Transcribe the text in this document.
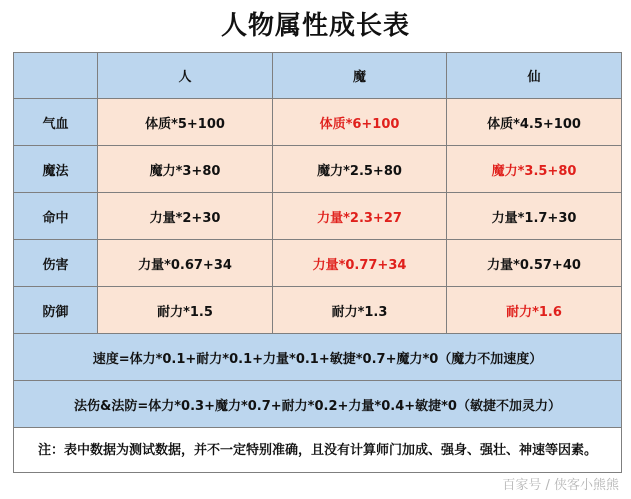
人物属性成长表
	人	魔	仙
气血	体质*5+100	体质*6+100	体质*4.5+100
魔法	魔力*3+80	魔力*2.5+80	魔力*3.5+80
命中	力量*2+30	力量*2.3+27	力量*1.7+30
伤害	力量*0.67+34	力量*0.77+34	力量*0.57+40
防御	耐力*1.5	耐力*1.3	耐力*1.6
速度=体力*0.1+耐力*0.1+力量*0.1+敏捷*0.7+魔力*0（魔力不加速度）			
法伤&法防=体力*0.3+魔力*0.7+耐力*0.2+力量*0.4+敏捷*0（敏捷不加灵力）			
注：表中数据为测试数据，并不一定特别准确，且没有计算师门加成、强身、强壮、神速等因素。			
百家号 / 侠客小熊熊
